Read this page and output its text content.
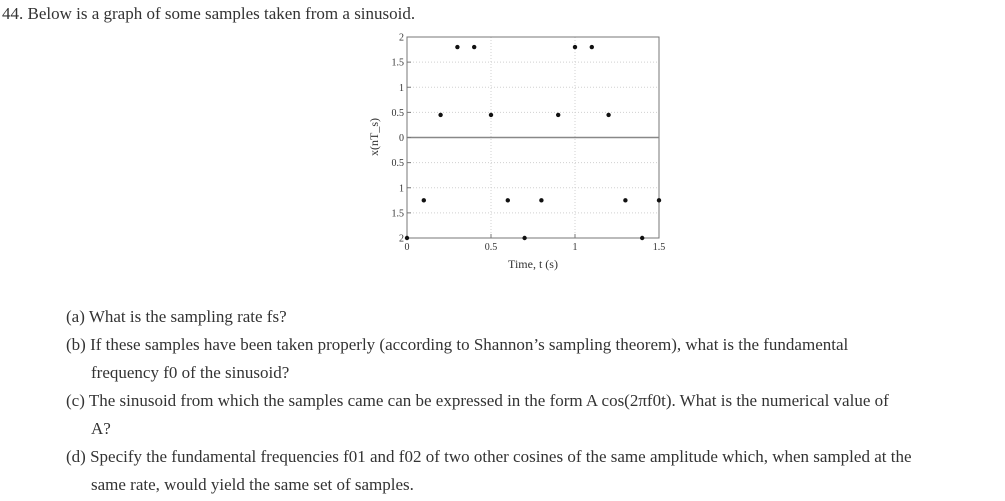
44. Below is a graph of some samples taken from a sinusoid.
2
1.5
1
0.5
0
0.5
1
1.5
2
0	0.5	1	1.5
x(nT_s)
Time, t (s)
(a) What is the sampling rate fs?
(b) If these samples have been taken properly (according to Shannon’s sampling theorem), what is the fundamental
frequency f0 of the sinusoid?
(c) The sinusoid from which the samples came can be expressed in the form A cos(2πf0t). What is the numerical value of
A?
(d) Specify the fundamental frequencies f01 and f02 of two other cosines of the same amplitude which, when sampled at the
same rate, would yield the same set of samples.
